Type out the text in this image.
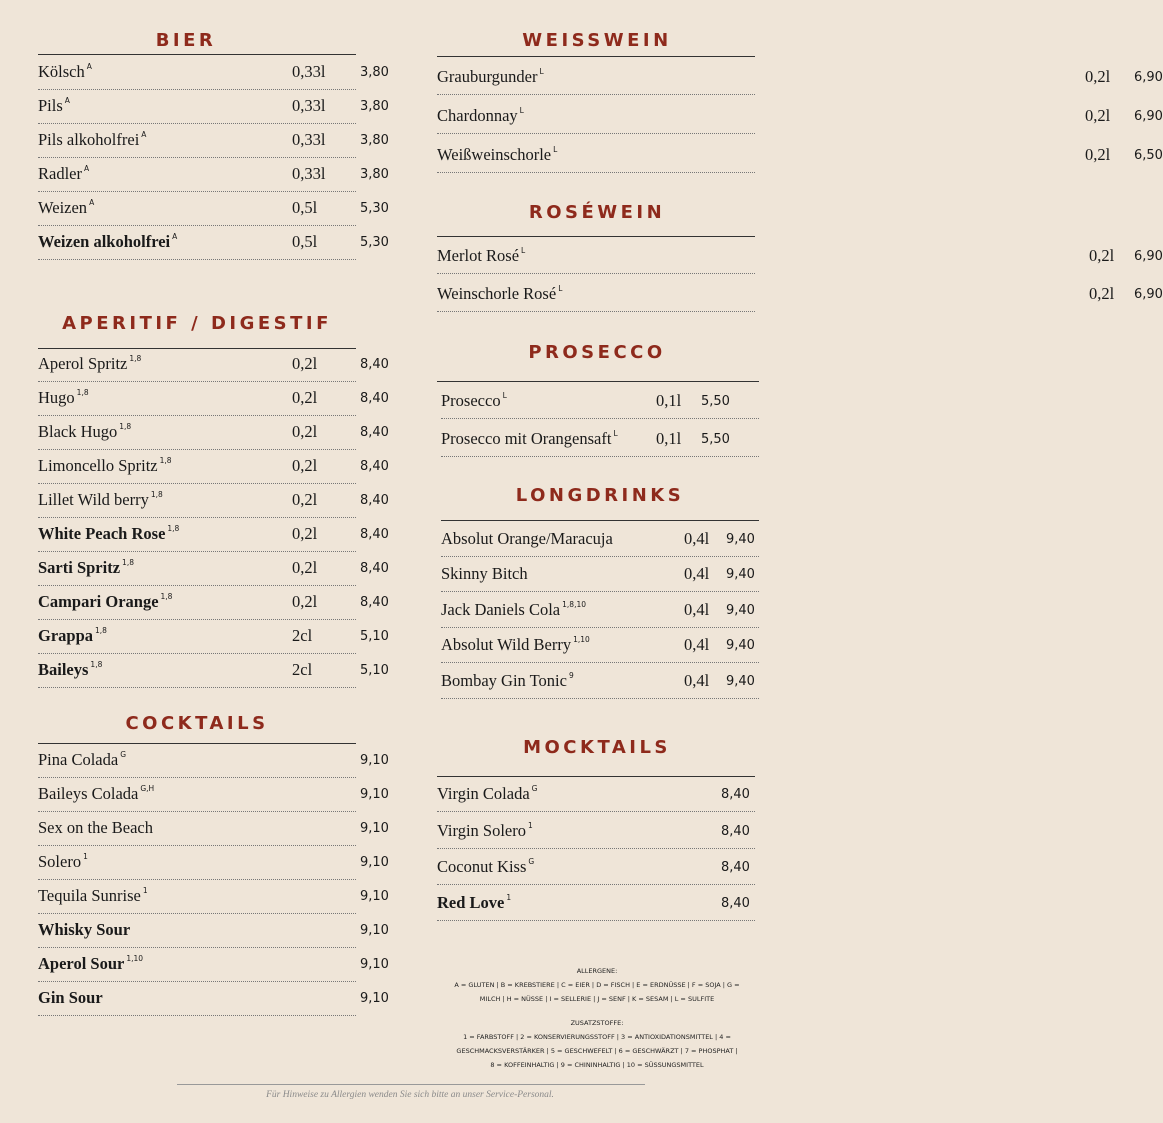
BIER
APERITIF / DIGESTIF
COCKTAILS
WEISSWEIN
ROSÉWEIN
PROSECCO
LONGDRINKS
MOCKTAILS
ALLERGENE:
A = GLUTEN | B = KREBSTIERE | C = EIER | D = FISCH | E = ERDNÜSSE | F = SOJA | G =
MILCH | H = NÜSSE | I = SELLERIE | J = SENF | K = SESAM | L = SULFITE
ZUSATZSTOFFE:
1 = FARBSTOFF | 2 = KONSERVIERUNGSSTOFF | 3 = ANTIOXIDATIONSMITTEL | 4 =
GESCHMACKSVERSTÄRKER | 5 = GESCHWEFELT | 6 = GESCHWÄRZT | 7 = PHOSPHAT |
8 = KOFFEINHALTIG | 9 = CHININHALTIG | 10 = SÜSSUNGSMITTEL
Für Hinweise zu Allergien wenden Sie sich bitte an unser Service-Personal.
Kölsch $^A$	0,33l	3,80
Pils $^A$	0,33l	3,80
Pils alkoholfrei $^A$	0,33l	3,80
Radler $^A$	0,33l	3,80
Weizen $^A$	0,5l	5,30
Weizen alkoholfrei $^A$	0,5l	5,30
Aperol Spritz $^{1,8}$	0,2l	8,40
Hugo $^{1,8}$	0,2l	8,40
Black Hugo $^{1,8}$	0,2l	8,40
Limoncello Spritz $^{1,8}$	0,2l	8,40
Lillet Wild berry $^{1,8}$	0,2l	8,40
White Peach Rose $^{1,8}$	0,2l	8,40
Sarti Spritz $^{1,8}$	0,2l	8,40
Campari Orange $^{1,8}$	0,2l	8,40
Grappa $^{1,8}$	2cl	5,10
Baileys $^{1,8}$	2cl	5,10
Pina Colada $^G$	9,10
Baileys Colada $^{G,H}$	9,10
Sex on the Beach	9,10
Solero $^1$	9,10
Tequila Sunrise $^1$	9,10
Whisky Sour	9,10
Aperol Sour $^{1,10}$	9,10
Gin Sour	9,10
Grauburgunder $^L$	0,2l 6,90
Chardonnay $^L$	0,2l 6,90
Weißweinschorle $^L$	0,2l 6,50
Merlot Rosé $^L$	0,2l 6,90
Weinschorle Rosé $^L$	0,2l 6,90
Prosecco $^L$	0,1l 5,50
Prosecco mit Orangensaft $^L$ 0,1l 5,50
Absolut Orange/Maracuja	0,4l 9,40
Skinny Bitch	0,4l 9,40
Jack Daniels Cola $^{1,8,10}$	0,4l 9,40
Absolut Wild Berry $^{1,10}$	0,4l 9,40
Bombay Gin Tonic $^9$	0,4l 9,40
Virgin Colada $^G$	8,40
Virgin Solero $^1$	8,40
Coconut Kiss $^G$	8,40
Red Love $^1$	8,40
